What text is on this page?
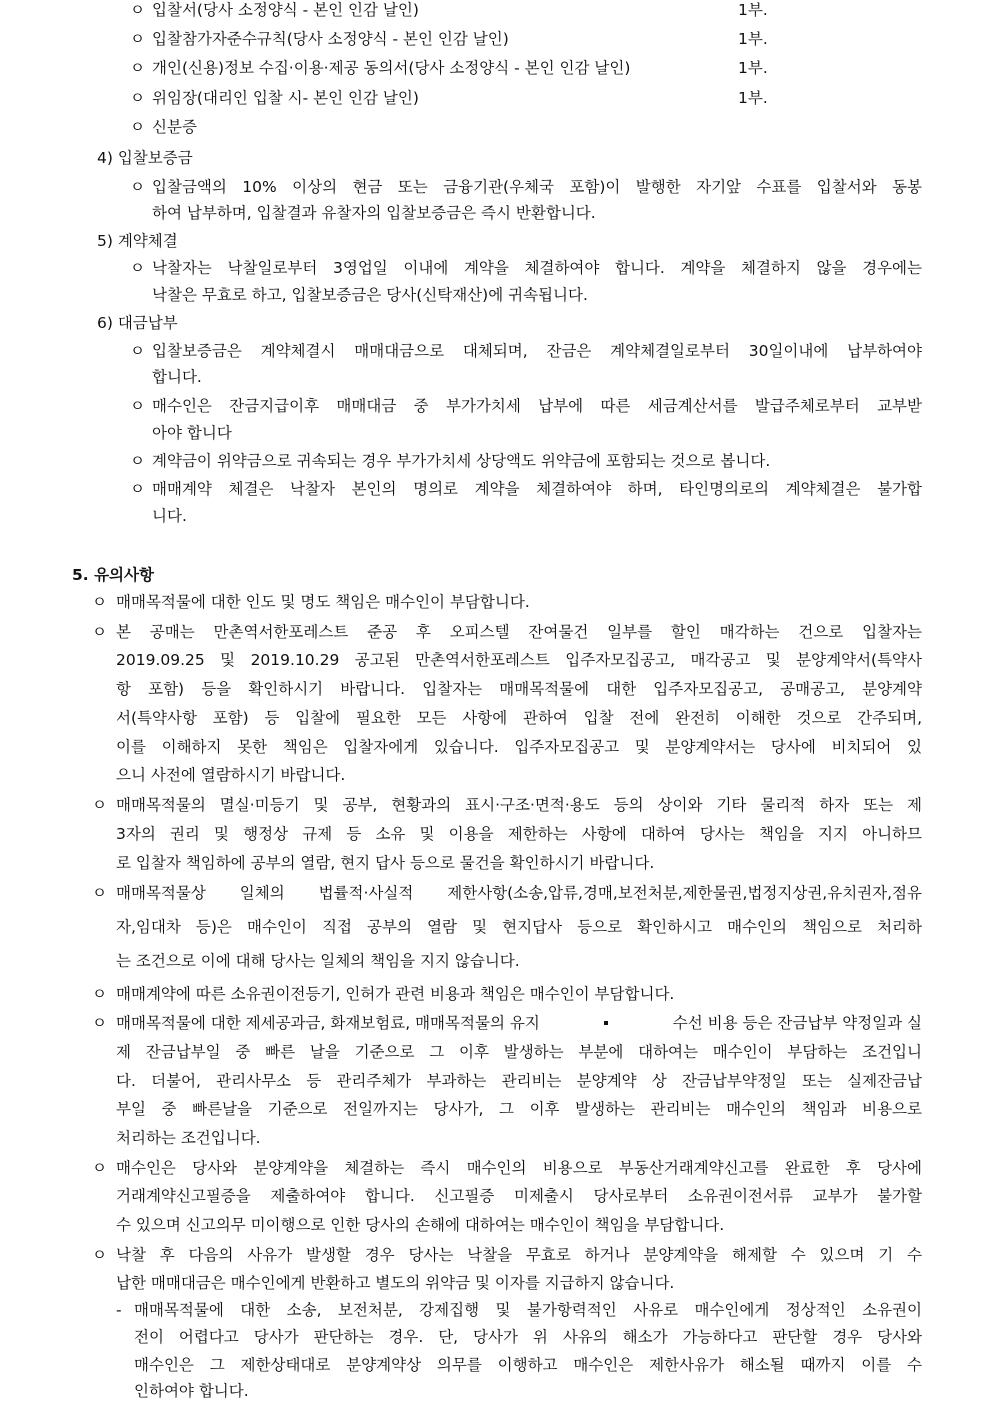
ㅇ 입찰서(당사 소정양식 - 본인 인감 날인)	1부.
ㅇ 입찰참가자준수규칙(당사 소정양식 - 본인 인감 날인)	1부.
ㅇ 개인(신용)정보 수집·이용·제공 동의서(당사 소정양식 - 본인 인감 날인)	1부.
ㅇ 위임장(대리인 입찰 시- 본인 인감 날인)	1부.
ㅇ 신분증
4) 입찰보증금
ㅇ 입찰금액의 10% 이상의 현금 또는 금융기관(우체국 포함)이 발행한 자기앞 수표를 입찰서와 동봉
하여 납부하며, 입찰결과 유찰자의 입찰보증금은 즉시 반환합니다.
5) 계약체결
ㅇ 낙찰자는 낙찰일로부터 3영업일 이내에 계약을 체결하여야 합니다. 계약을 체결하지 않을 경우에는
낙찰은 무효로 하고, 입찰보증금은 당사(신탁재산)에 귀속됩니다.
6) 대금납부
ㅇ 입찰보증금은 계약체결시 매매대금으로 대체되며, 잔금은 계약체결일로부터 30일이내에 납부하여야
합니다.
ㅇ 매수인은 잔금지급이후 매매대금 중 부가가치세 납부에 따른 세금계산서를 발급주체로부터 교부받
아야 합니다
ㅇ 계약금이 위약금으로 귀속되는 경우 부가가치세 상당액도 위약금에 포함되는 것으로 봅니다.
ㅇ 매매계약 체결은 낙찰자 본인의 명의로 계약을 체결하여야 하며, 타인명의로의 계약체결은 불가합
니다.
5. 유의사항
ㅇ 매매목적물에 대한 인도 및 명도 책임은 매수인이 부담합니다.
ㅇ 본 공매는 만촌역서한포레스트 준공 후 오피스텔 잔여물건 일부를 할인 매각하는 건으로 입찰자는
2019.09.25 및 2019.10.29 공고된 만촌역서한포레스트 입주자모집공고, 매각공고 및 분양계약서(특약사
항 포함) 등을 확인하시기 바랍니다. 입찰자는 매매목적물에 대한 입주자모집공고, 공매공고, 분양계약
서(특약사항 포함) 등 입찰에 필요한 모든 사항에 관하여 입찰 전에 완전히 이해한 것으로 간주되며,
이를 이해하지 못한 책임은 입찰자에게 있습니다. 입주자모집공고 및 분양계약서는 당사에 비치되어 있
으니 사전에 열람하시기 바랍니다.
ㅇ 매매목적물의 멸실·미등기 및 공부, 현황과의 표시·구조·면적·용도 등의 상이와 기타 물리적 하자 또는 제
3자의 권리 및 행정상 규제 등 소유 및 이용을 제한하는 사항에 대하여 당사는 책임을 지지 아니하므
로 입찰자 책임하에 공부의 열람, 현지 답사 등으로 물건을 확인하시기 바랍니다.
ㅇ 매매목적물상 일체의 법률적·사실적 제한사항(소송,압류,경매,보전처분,제한물권,법정지상권,유치권자,점유
자,임대차 등)은 매수인이 직접 공부의 열람 및 현지답사 등으로 확인하시고 매수인의 책임으로 처리하
는 조건으로 이에 대해 당사는 일체의 책임을 지지 않습니다.
ㅇ 매매계약에 따른 소유권이전등기, 인허가 관련 비용과 책임은 매수인이 부담합니다.
ㅇ 매매목적물에 대한 제세공과금, 화재보험료, 매매목적물의 유지	수선 비용 등은 잔금납부 약정일과 실
제 잔금납부일 중 빠른 날을 기준으로 그 이후 발생하는 부분에 대하여는 매수인이 부담하는 조건입니
다. 더불어, 관리사무소 등 관리주체가 부과하는 관리비는 분양계약 상 잔금납부약정일 또는 실제잔금납
부일 중 빠른날을 기준으로 전일까지는 당사가, 그 이후 발생하는 관리비는 매수인의 책임과 비용으로
처리하는 조건입니다.
ㅇ 매수인은 당사와 분양계약을 체결하는 즉시 매수인의 비용으로 부동산거래계약신고를 완료한 후 당사에
거래계약신고필증을 제출하여야 합니다. 신고필증 미제출시 당사로부터 소유권이전서류 교부가 불가할
수 있으며 신고의무 미이행으로 인한 당사의 손해에 대하여는 매수인이 책임을 부담합니다.
ㅇ 낙찰 후 다음의 사유가 발생할 경우 당사는 낙찰을 무효로 하거나 분양계약을 해제할 수 있으며 기 수
납한 매매대금은 매수인에게 반환하고 별도의 위약금 및 이자를 지급하지 않습니다.
- 매매목적물에 대한 소송, 보전처분, 강제집행 및 불가항력적인 사유로 매수인에게 정상적인 소유권이
전이 어렵다고 당사가 판단하는 경우. 단, 당사가 위 사유의 해소가 가능하다고 판단할 경우 당사와
매수인은 그 제한상태대로 분양계약상 의무를 이행하고 매수인은 제한사유가 해소될 때까지 이를 수
인하여야 합니다.
